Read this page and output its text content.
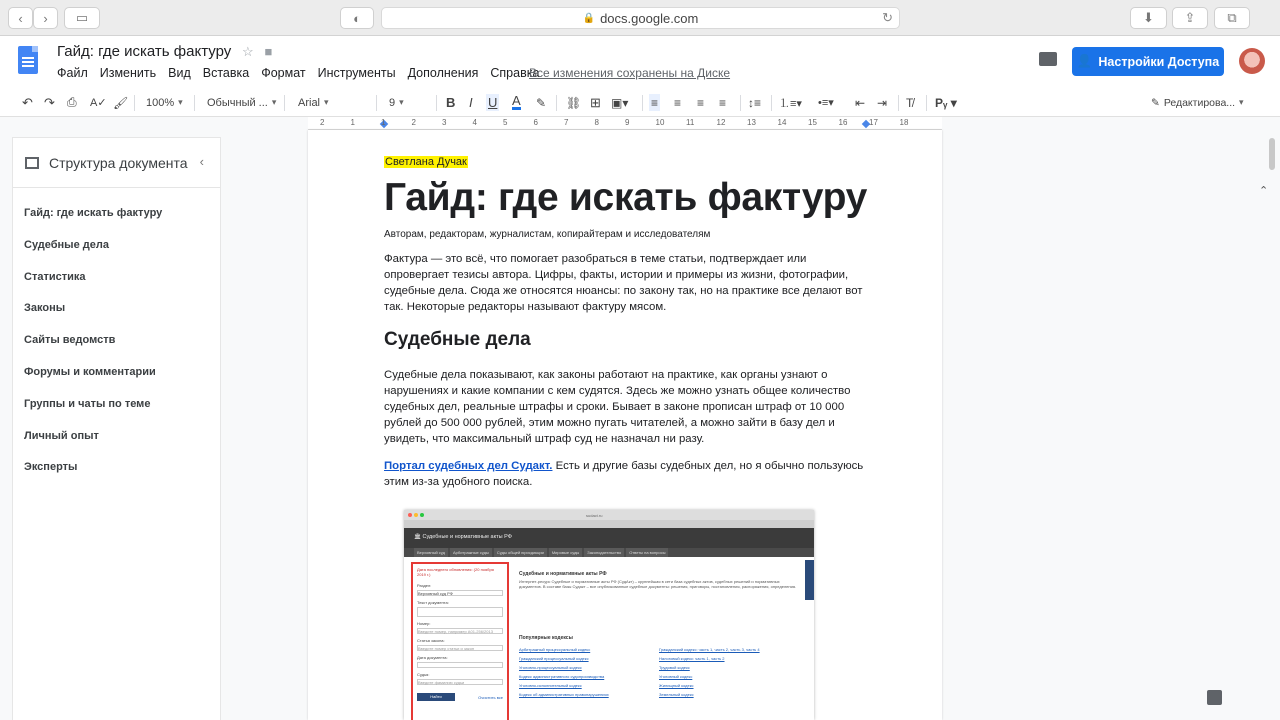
‹ › ▭	◐	🔒 docs.google.com	↻	⬇ ⇪ ⧉
Гайд: где искать фактуру ☆ ■
Файл Изменить Вид Вставка Формат Инструменты Дополнения Справка
Все изменения сохранены на Диске
👤 Настройки Доступа
↶ ↷ ⎙ A✓ 🖌 100% ▾	Обычный ... ▾	Arial ▾	9 ▾	B I U A ✎ ⛓ ⊞ ▣▾ ≡ ≡ ≡ ≡ ↕≡ ⒈≡▾ •≡▾ ⇤ ⇥ T̸ Pᵧ ▾	✎ Редактирова...
▾
⌃
2	1	1	2	3	4	5	6	7	8	9	10	11	12	13	14	15	16	17	18
Структура документа ‹
Гайд: где искать фактуру
Судебные дела
Статистика
Законы
Сайты ведомств
Форумы и комментарии
Группы и чаты по теме
Личный опыт
Эксперты
Светлана Дучак
Гайд: где искать фактуру
Авторам, редакторам, журналистам, копирайтерам и исследователям
Фактура — это всё, что помогает разобраться в теме статьи, подтверждает или опровергает тезисы автора. Цифры, факты, истории и примеры из жизни, фотографии, судебные дела. Сюда же относятся нюансы: по закону так, но на практике все делают вот так. Некоторые редакторы называют фактуру мясом.
Судебные дела
Судебные дела показывают, как законы работают на практике, как органы узнают о нарушениях и какие компании с кем судятся. Здесь же можно узнать общее количество судебных дел, реальные штрафы и сроки. Бывает в законе прописан штраф от 10 000 рублей до 500 000 рублей, этим можно пугать читателей, а можно зайти в базу дел и увидеть, что максимальный штраф суд не назначал ни разу.
Портал судебных дел Судакт. Есть и другие базы судебных дел, но я обычно пользуюсь этим из-за удобного поиска.
sudact.ru
🏛 Судебные и нормативные акты РФ
Верховный суд Арбитражные суды Суды общей юрисдикции Мировые суды Законодательство Ответы на вопросы
Дата последнего обновления: (20 ноября 2019 г.)
Раздел:
Верховный суд РФ
Текст документа:
Номер:
Введите номер, например А01-256/2013
Статья закона:
Введите номер статьи и закон
Дата документа:
Судья:
Введите фамилию судьи
Найти	Очистить все
Судебные и нормативные акты РФ
Интернет-ресурс Судебные и нормативные акты РФ (СудАкт) – крупнейшая в сети база судебных актов, судебных решений и нормативных документов. В составе базы Судакт – все опубликованные судебные документы: решения, приговоры, постановления, распоряжения, определения.
Популярные кодексы
Арбитражный процессуальный кодекс
Гражданский процессуальный кодекс
Уголовно-процессуальный кодекс
Кодекс административного судопроизводства
Уголовно-исполнительный кодекс
Кодекс об административных правонарушениях
Гражданский кодекс: часть 1, часть 2, часть 3, часть 4
Налоговый кодекс: часть 1, часть 2
Трудовой кодекс
Уголовный кодекс
Жилищный кодекс
Земельный кодекс
